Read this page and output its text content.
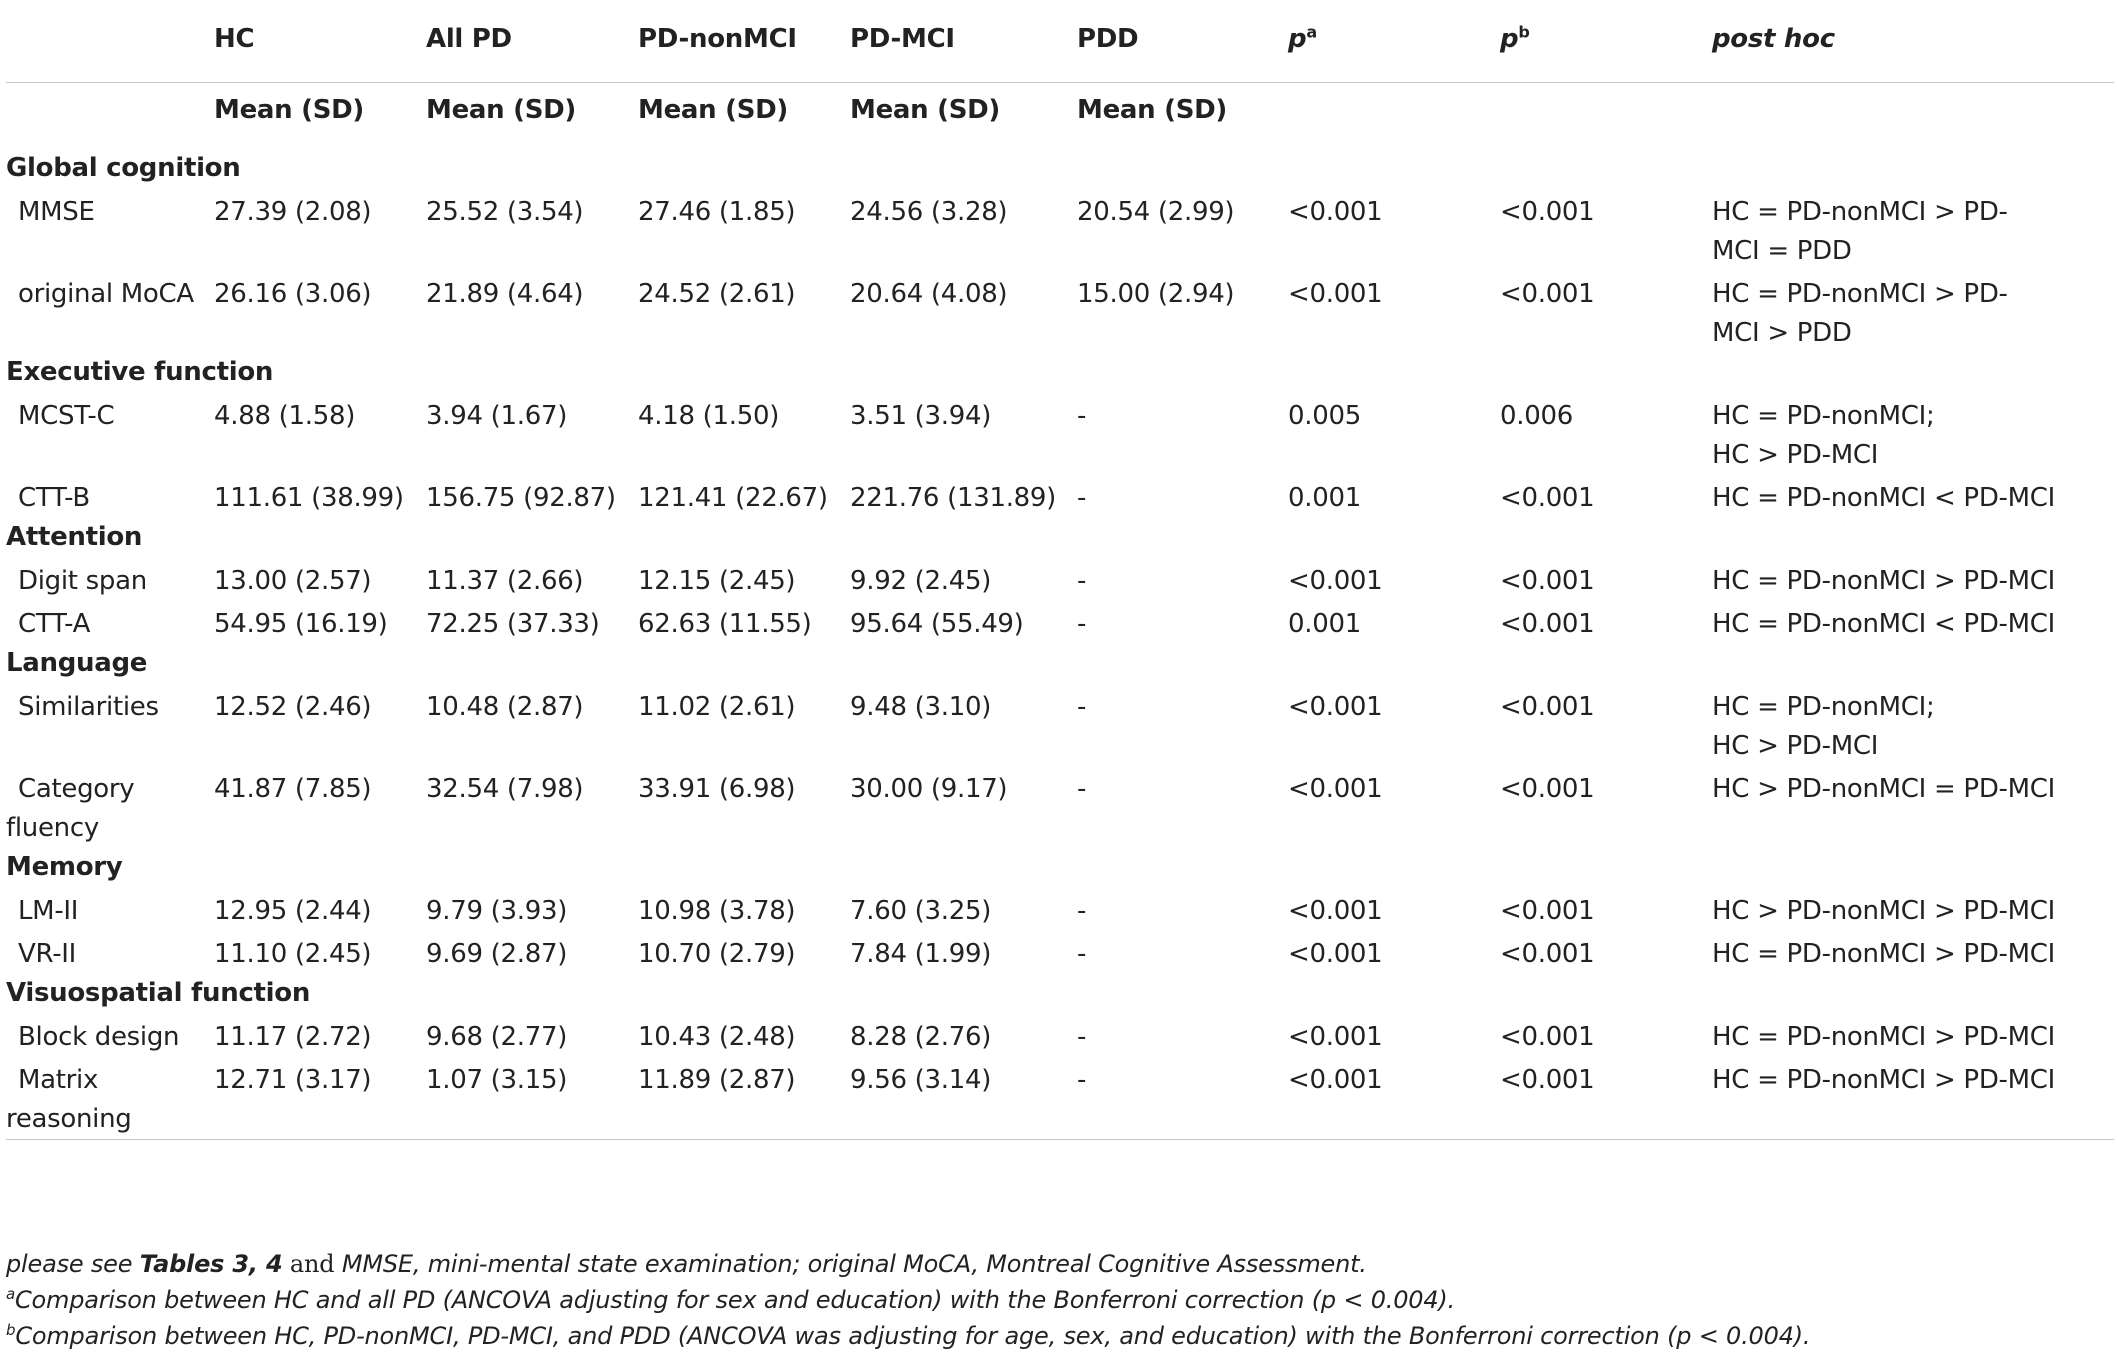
	HC	All PD	PD-nonMCI	PD-MCI	PDD	$p^a$	$p^b$	post hoc
	Mean (SD)	Mean (SD)	Mean (SD)	Mean (SD)	Mean (SD)			
Global cognition								
MMSE	27.39 (2.08)	25.52 (3.54)	27.46 (1.85)	24.56 (3.28)	20.54 (2.99)	<0.001	<0.001	HC = PD-nonMCI > PD-
MCI = PDD

original MoCA	26.16 (3.06)	21.89 (4.64)	24.52 (2.61)	20.64 (4.08)	15.00 (2.94)	<0.001	<0.001	HC = PD-nonMCI > PD-
MCI > PDD

Executive function								
MCST-C	4.88 (1.58)	3.94 (1.67)	4.18 (1.50)	3.51 (3.94)	-	0.005	0.006	HC = PD-nonMCI;
HC > PD-MCI

CTT-B	111.61 (38.99)	156.75 (92.87)	121.41 (22.67)	221.76 (131.89)	-	0.001	<0.001	HC = PD-nonMCI < PD-MCI

Attention								
Digit span	13.00 (2.57)	11.37 (2.66)	12.15 (2.45)	9.92 (2.45)	-	<0.001	<0.001	HC = PD-nonMCI > PD-MCI

CTT-A	54.95 (16.19)	72.25 (37.33)	62.63 (11.55)	95.64 (55.49)	-	0.001	<0.001	HC = PD-nonMCI < PD-MCI

Language								
Similarities	12.52 (2.46)	10.48 (2.87)	11.02 (2.61)	9.48 (3.10)	-	<0.001	<0.001	HC = PD-nonMCI;
HC > PD-MCI

Category
fluency	41.87 (7.85)	32.54 (7.98)	33.91 (6.98)	30.00 (9.17)	-	<0.001	<0.001	HC > PD-nonMCI = PD-MCI

Memory								
LM-II	12.95 (2.44)	9.79 (3.93)	10.98 (3.78)	7.60 (3.25)	-	<0.001	<0.001	HC > PD-nonMCI > PD-MCI

VR-II	11.10 (2.45)	9.69 (2.87)	10.70 (2.79)	7.84 (1.99)	-	<0.001	<0.001	HC = PD-nonMCI > PD-MCI

Visuospatial function								
Block design	11.17 (2.72)	9.68 (2.77)	10.43 (2.48)	8.28 (2.76)	-	<0.001	<0.001	HC = PD-nonMCI > PD-MCI

Matrix
reasoning	12.71 (3.17)	1.07 (3.15)	11.89 (2.87)	9.56 (3.14)	-	<0.001	<0.001	HC = PD-nonMCI > PD-MCI
please see Tables 3, 4 and MMSE, mini-mental state examination; original MoCA, Montreal Cognitive Assessment.
$^a$Comparison between HC and all PD (ANCOVA adjusting for sex and education) with the Bonferroni correction (p < 0.004).
$^b$Comparison between HC, PD-nonMCI, PD-MCI, and PDD (ANCOVA was adjusting for age, sex, and education) with the Bonferroni correction (p < 0.004).
